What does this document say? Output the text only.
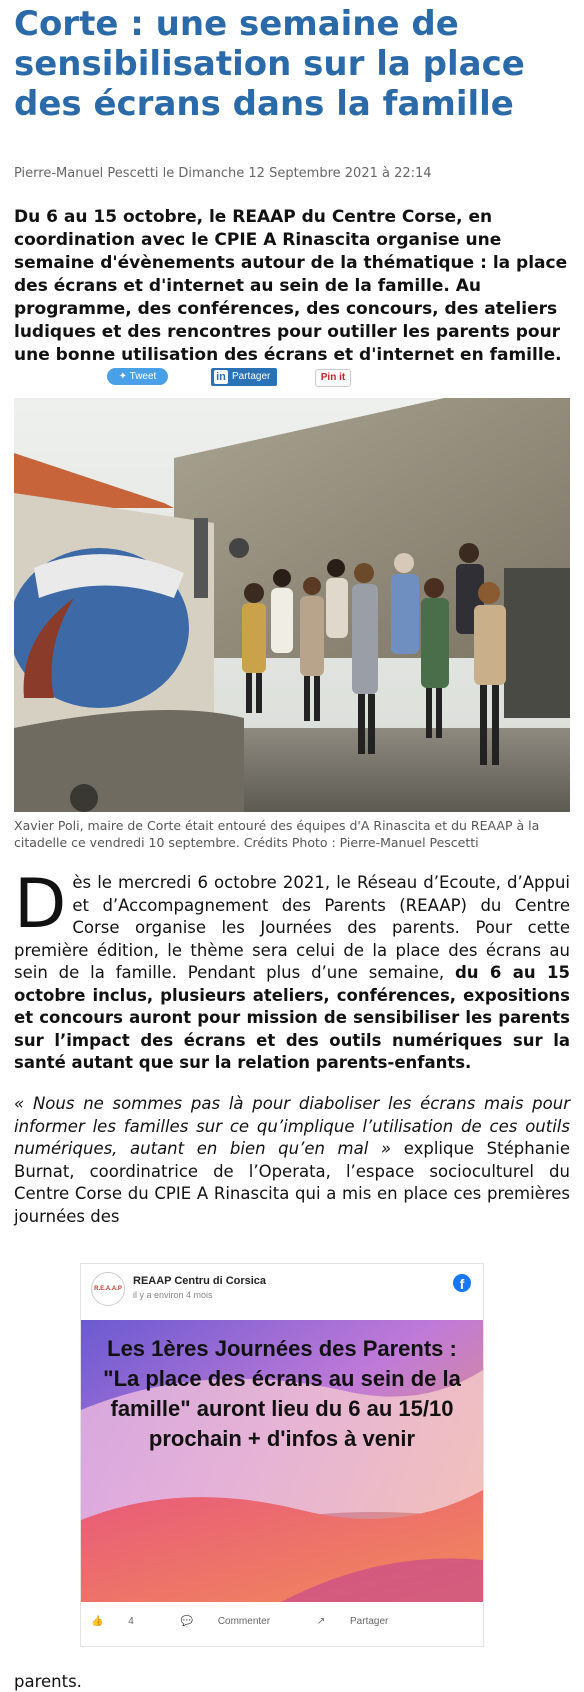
Corte : une semaine de sensibilisation sur la place des écrans dans la famille
Pierre-Manuel Pescetti le Dimanche 12 Septembre 2021 à 22:14
Du 6 au 15 octobre, le REAAP du Centre Corse, en coordination avec le CPIE A Rinascita organise une semaine d'évènements autour de la thématique : la place des écrans et d'internet au sein de la famille. Au programme, des conférences, des concours, des ateliers ludiques et des rencontres pour outiller les parents pour une bonne utilisation des écrans et d'internet en famille.
✦ Tweet	in Partager	Pin it
Xavier Poli, maire de Corte était entouré des équipes d'A Rinascita et du REAAP à la citadelle ce vendredi 10 septembre. Crédits Photo : Pierre-Manuel Pescetti
Dès le mercredi 6 octobre 2021, le Réseau d’Ecoute, d’Appui et d’Accompagnement des Parents (REAAP) du Centre Corse organise les Journées des parents. Pour cette première édition, le thème sera celui de la place des écrans au sein de la famille. Pendant plus d’une semaine, du 6 au 15 octobre inclus, plusieurs ateliers, conférences, expositions et concours auront pour mission de sensibiliser les parents sur l’impact des écrans et des outils numériques sur la santé autant que sur la relation parents-enfants.
« Nous ne sommes pas là pour diaboliser les écrans mais pour informer les familles sur ce qu’implique l’utilisation de ces outils numériques, autant en bien qu’en mal » explique Stéphanie Burnat, coordinatrice de l’Operata, l’espace socioculturel du Centre Corse du CPIE A Rinascita qui a mis en place ces premières journées des
R.E.A.A.P
REAAP Centru di Corsica
il y a environ 4 mois
f
Les 1ères Journées des Parents : "La place des écrans au sein de la famille" auront lieu du 6 au 15/10 prochain + d'infos à venir
👍 4	💬 Commenter	↗ Partager
parents.
